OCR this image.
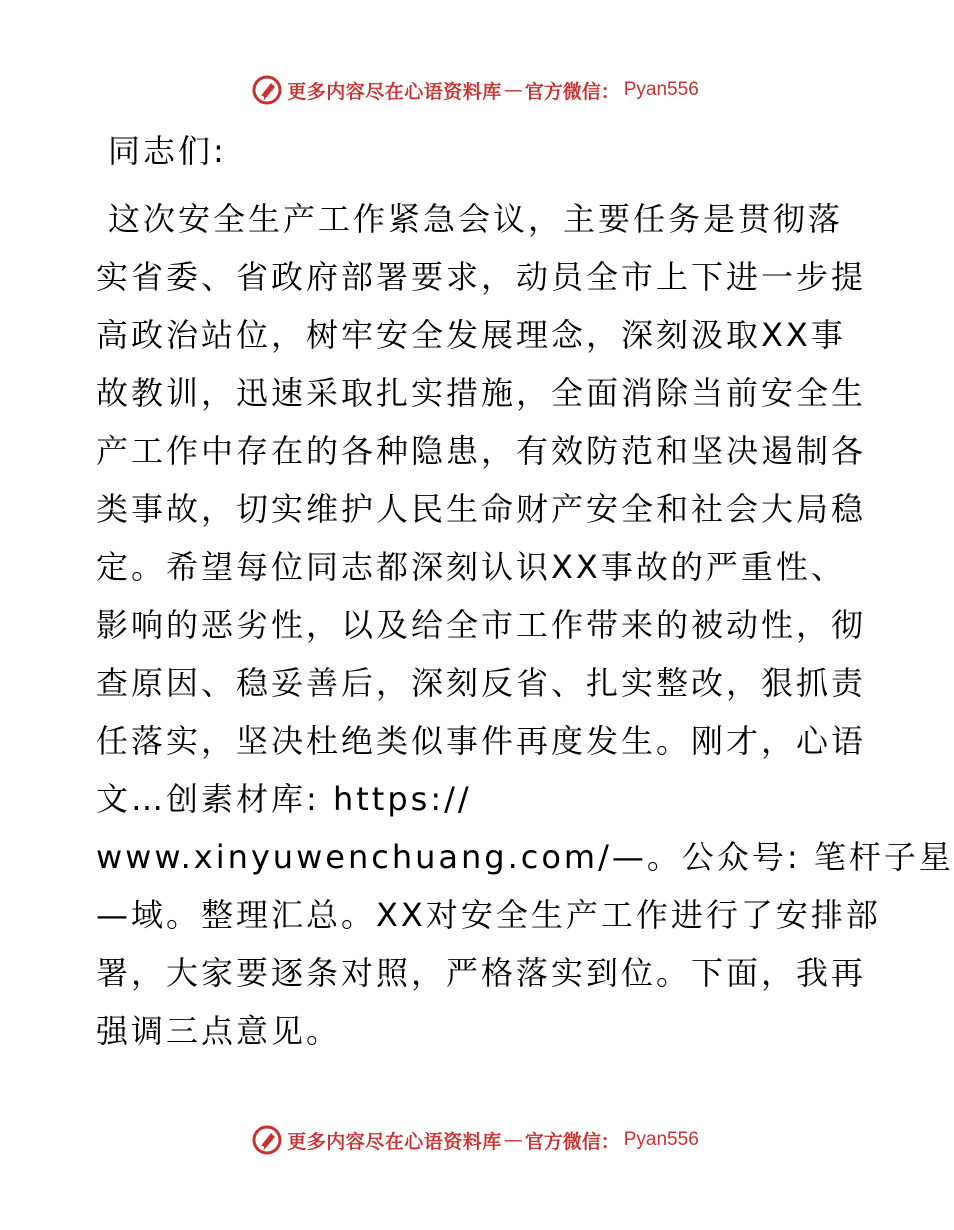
更多内容尽在心语资料库 — 官方微信： Pyan556
同志们:
这次安全生产工作紧急会议，主要任务是贯彻落
实省委、省政府部署要求，动员全市上下进一步提
高政治站位，树牢安全发展理念，深刻汲取XX事
故教训，迅速采取扎实措施，全面消除当前安全生
产工作中存在的各种隐患，有效防范和坚决遏制各
类事故，切实维护人民生命财产安全和社会大局稳
定。希望每位同志都深刻认识XX事故的严重性、
影响的恶劣性，以及给全市工作带来的被动性，彻
查原因、稳妥善后，深刻反省、扎实整改，狠抓责
任落实，坚决杜绝类似事件再度发生。刚才，心语
文…创素材库: https://
www.xinyuwenchuang.com/—。公众号: 笔杆子星
—域。整理汇总。XX对安全生产工作进行了安排部
署，大家要逐条对照，严格落实到位。下面，我再
强调三点意见。
更多内容尽在心语资料库 — 官方微信： Pyan556
